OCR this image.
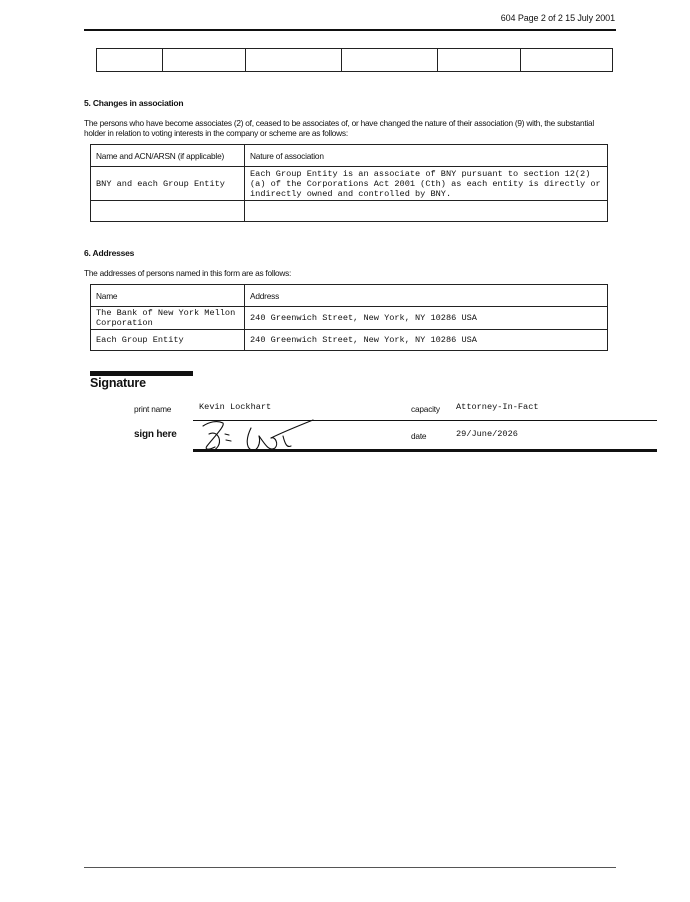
604 Page 2 of 2 15 July 2001

5. Changes in association
The persons who have become associates (2) of, ceased to be associates of, or have changed the nature of their association (9) with, the substantial holder in relation to voting interests in the company or scheme are as follows:
Name and ACN/ARSN (if applicable)	Nature of association
BNY and each Group Entity	Each Group Entity is an associate of BNY pursuant to section 12(2)(a) of the Corporations Act 2001 (Cth) as each entity is directly or indirectly owned and controlled by BNY.

6. Addresses
The addresses of persons named in this form are as follows:
Name	Address
The Bank of New York Mellon Corporation	240 Greenwich Street, New York, NY 10286 USA
Each Group Entity	240 Greenwich Street, New York, NY 10286 USA
Signature
print name	Kevin Lockhart	capacity Attorney-In-Fact
sign here	date	29/June/2026
